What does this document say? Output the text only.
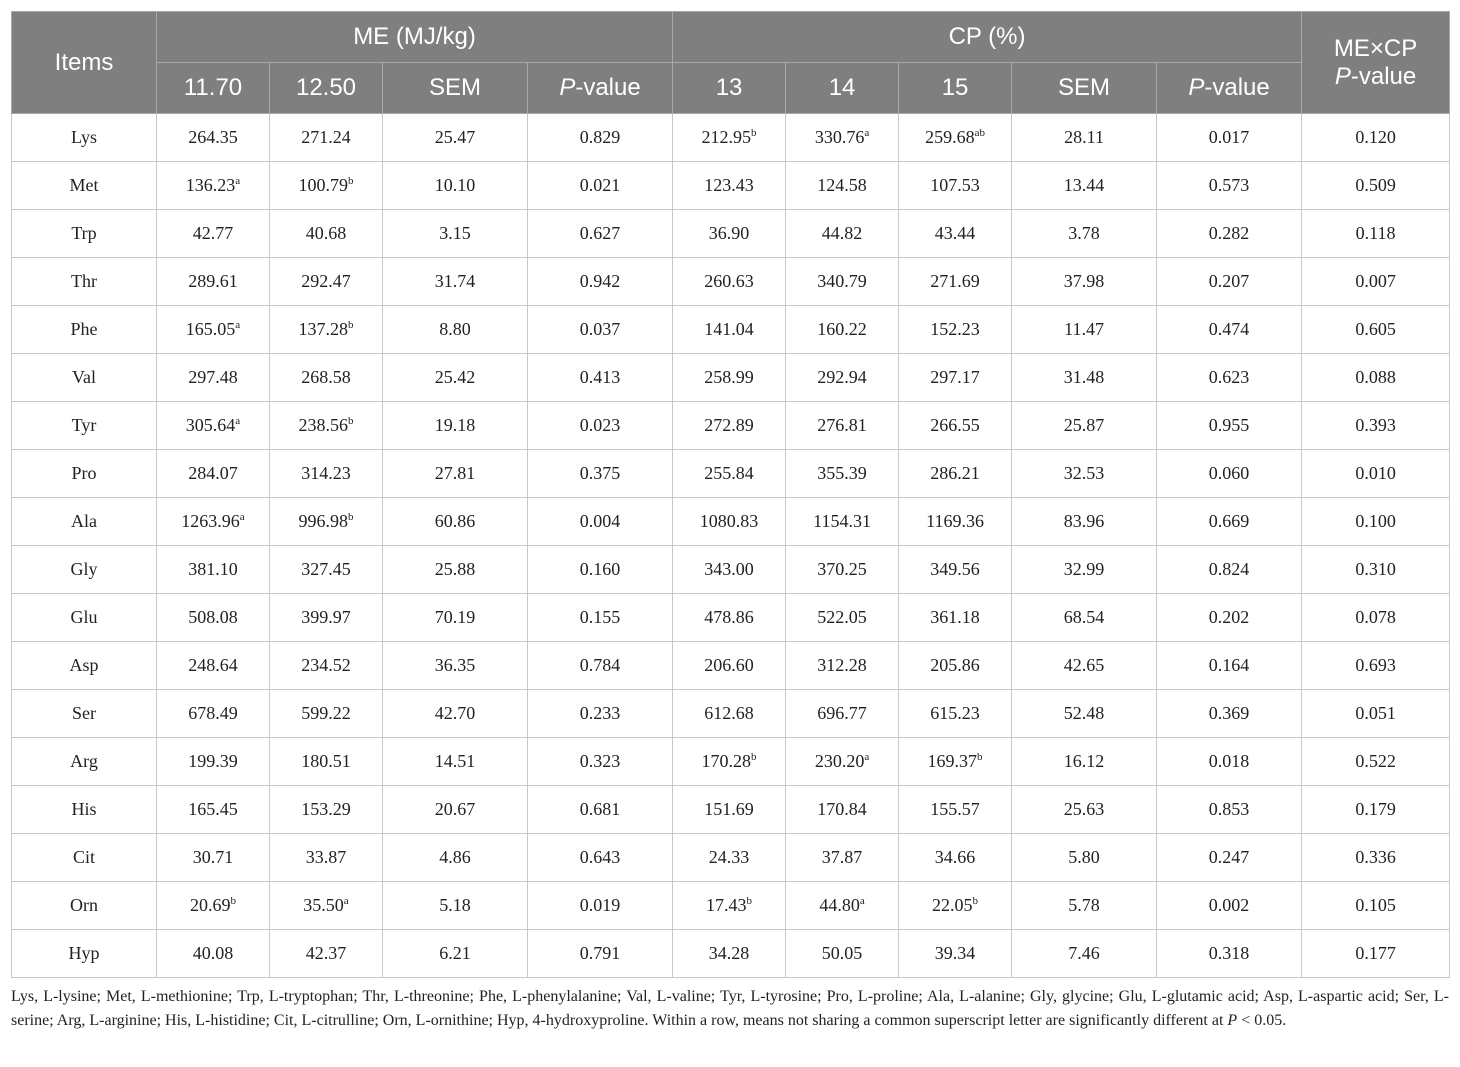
Items	ME (MJ/kg)				CP (%)					ME×CP
P-value
	11.70	12.50	SEM	P-value	13	14	15	SEM	P-value	
Lys	264.35	271.24	25.47	0.829	212.95$^b$	330.76$^a$	259.68$^{ab}$	28.11	0.017	0.120
Met	136.23$^a$	100.79$^b$	10.10	0.021	123.43	124.58	107.53	13.44	0.573	0.509
Trp	42.77	40.68	3.15	0.627	36.90	44.82	43.44	3.78	0.282	0.118
Thr	289.61	292.47	31.74	0.942	260.63	340.79	271.69	37.98	0.207	0.007
Phe	165.05$^a$	137.28$^b$	8.80	0.037	141.04	160.22	152.23	11.47	0.474	0.605
Val	297.48	268.58	25.42	0.413	258.99	292.94	297.17	31.48	0.623	0.088
Tyr	305.64$^a$	238.56$^b$	19.18	0.023	272.89	276.81	266.55	25.87	0.955	0.393
Pro	284.07	314.23	27.81	0.375	255.84	355.39	286.21	32.53	0.060	0.010
Ala	1263.96$^a$	996.98$^b$	60.86	0.004	1080.83	1154.31	1169.36	83.96	0.669	0.100
Gly	381.10	327.45	25.88	0.160	343.00	370.25	349.56	32.99	0.824	0.310
Glu	508.08	399.97	70.19	0.155	478.86	522.05	361.18	68.54	0.202	0.078
Asp	248.64	234.52	36.35	0.784	206.60	312.28	205.86	42.65	0.164	0.693
Ser	678.49	599.22	42.70	0.233	612.68	696.77	615.23	52.48	0.369	0.051
Arg	199.39	180.51	14.51	0.323	170.28$^b$	230.20$^a$	169.37$^b$	16.12	0.018	0.522
His	165.45	153.29	20.67	0.681	151.69	170.84	155.57	25.63	0.853	0.179
Cit	30.71	33.87	4.86	0.643	24.33	37.87	34.66	5.80	0.247	0.336
Orn	20.69$^b$	35.50$^a$	5.18	0.019	17.43$^b$	44.80$^a$	22.05$^b$	5.78	0.002	0.105
Hyp	40.08	42.37	6.21	0.791	34.28	50.05	39.34	7.46	0.318	0.177
Lys, L-lysine; Met, L-methionine; Trp, L-tryptophan; Thr, L-threonine; Phe, L-phenylalanine; Val, L-valine; Tyr, L-tyrosine; Pro, L-proline; Ala, L-alanine; Gly, glycine; Glu, L-glutamic acid; Asp, L-aspartic acid; Ser, L-serine; Arg, L-arginine; His, L-histidine; Cit, L-citrulline; Orn, L-ornithine; Hyp, 4-hydroxyproline. Within a row, means not sharing a common superscript letter are significantly different at P < 0.05.
